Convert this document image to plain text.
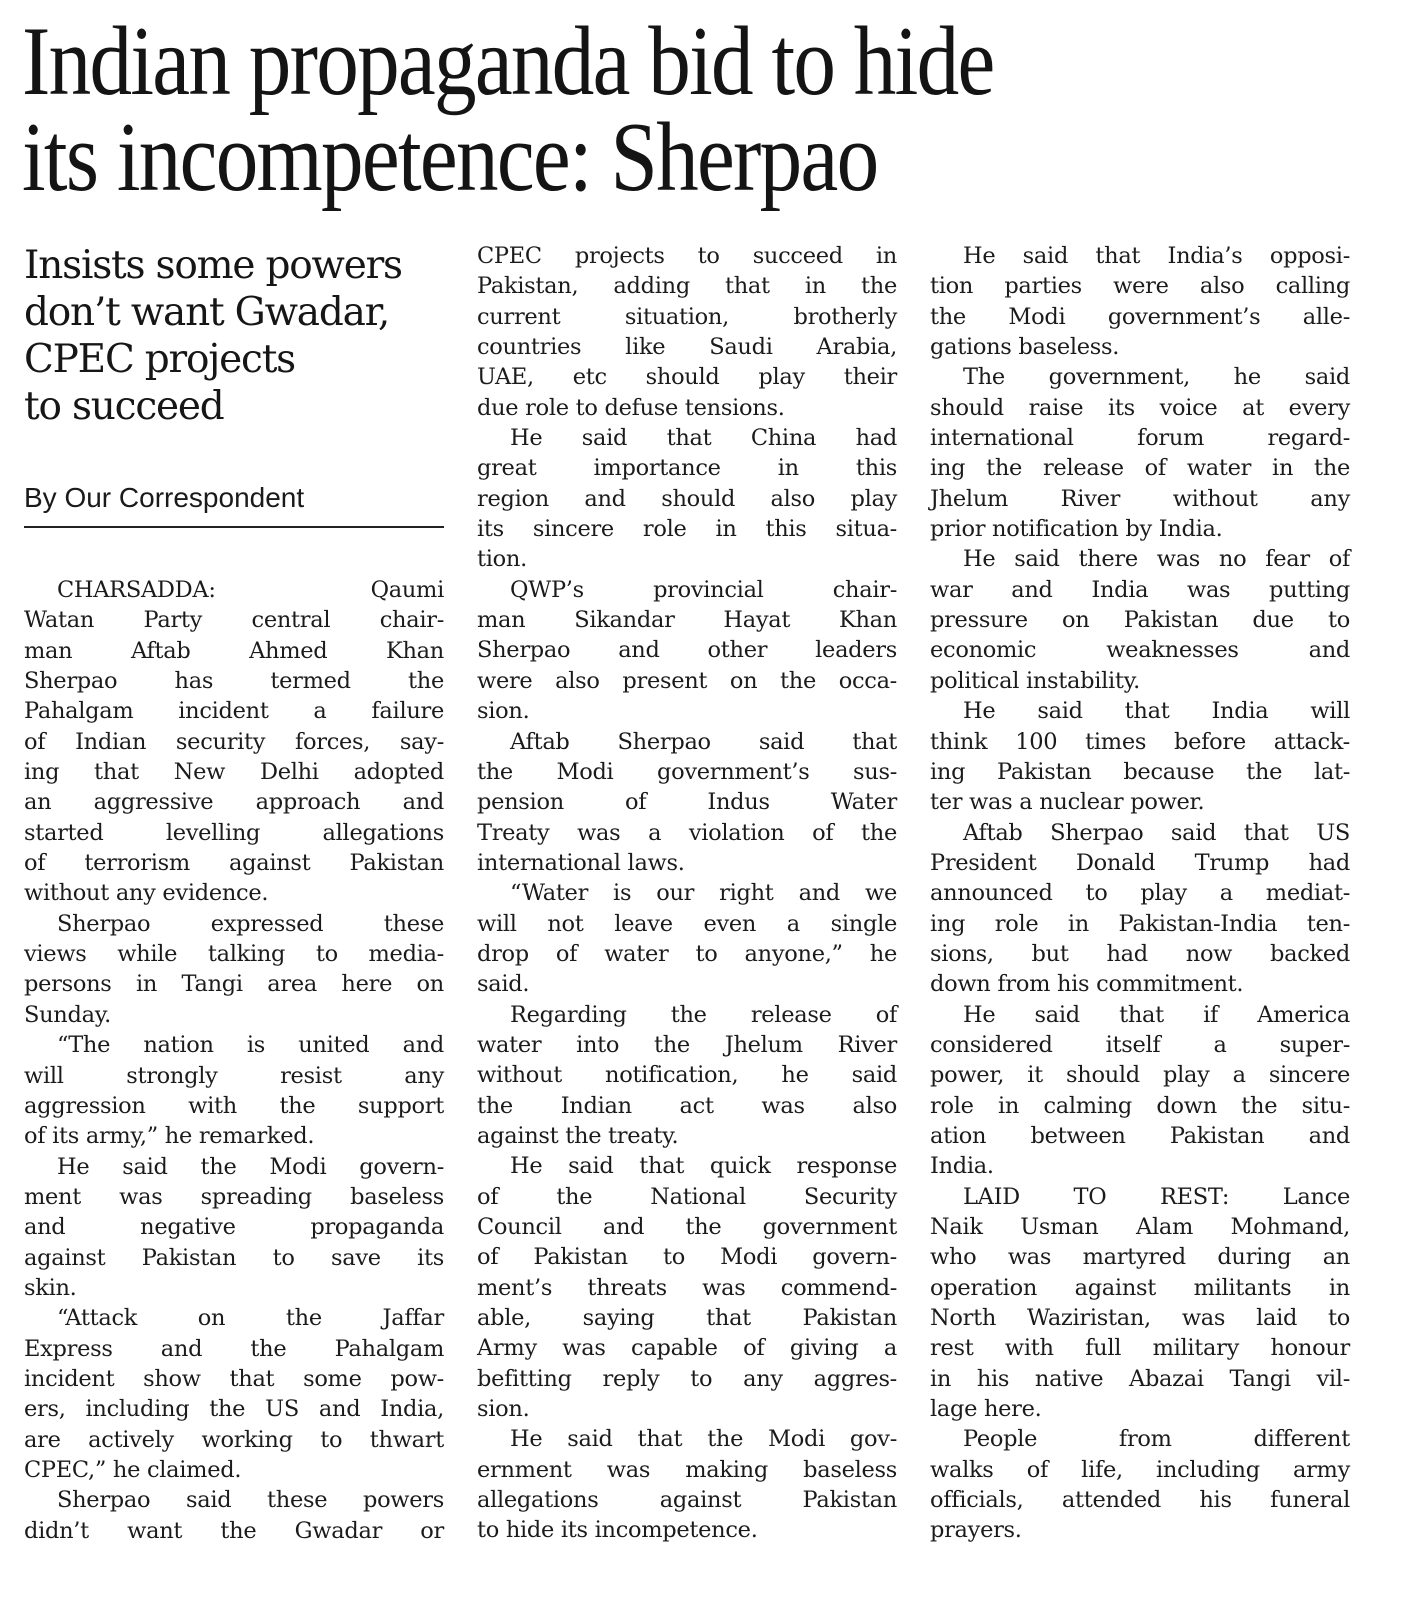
Indian propaganda bid to hide
its incompetence: Sherpao
Insists some powers
don’t want Gwadar,
CPEC projects
to succeed
By Our Correspondent
CHARSADDA: Qaumi
Watan Party central chair-
man Aftab Ahmed Khan
Sherpao has termed the
Pahalgam incident a failure
of Indian security forces, say-
ing that New Delhi adopted
an aggressive approach and
started levelling allegations
of terrorism against Pakistan
without any evidence.
Sherpao expressed these
views while talking to media-
persons in Tangi area here on
Sunday.
“The nation is united and
will strongly resist any
aggression with the support
of its army,” he remarked.
He said the Modi govern-
ment was spreading baseless
and negative propaganda
against Pakistan to save its
skin.
“Attack on the Jaffar
Express and the Pahalgam
incident show that some pow-
ers, including the US and India,
are actively working to thwart
CPEC,” he claimed.
Sherpao said these powers
didn’t want the Gwadar or
CPEC projects to succeed in
Pakistan, adding that in the
current situation, brotherly
countries like Saudi Arabia,
UAE, etc should play their
due role to defuse tensions.
He said that China had
great importance in this
region and should also play
its sincere role in this situa-
tion.
QWP’s provincial chair-
man Sikandar Hayat Khan
Sherpao and other leaders
were also present on the occa-
sion.
Aftab Sherpao said that
the Modi government’s sus-
pension of Indus Water
Treaty was a violation of the
international laws.
“Water is our right and we
will not leave even a single
drop of water to anyone,” he
said.
Regarding the release of
water into the Jhelum River
without notification, he said
the Indian act was also
against the treaty.
He said that quick response
of the National Security
Council and the government
of Pakistan to Modi govern-
ment’s threats was commend-
able, saying that Pakistan
Army was capable of giving a
befitting reply to any aggres-
sion.
He said that the Modi gov-
ernment was making baseless
allegations against Pakistan
to hide its incompetence.
He said that India’s opposi-
tion parties were also calling
the Modi government’s alle-
gations baseless.
The government, he said
should raise its voice at every
international forum regard-
ing the release of water in the
Jhelum River without any
prior notification by India.
He said there was no fear of
war and India was putting
pressure on Pakistan due to
economic weaknesses and
political instability.
He said that India will
think 100 times before attack-
ing Pakistan because the lat-
ter was a nuclear power.
Aftab Sherpao said that US
President Donald Trump had
announced to play a mediat-
ing role in Pakistan-India ten-
sions, but had now backed
down from his commitment.
He said that if America
considered itself a super-
power, it should play a sincere
role in calming down the situ-
ation between Pakistan and
India.
LAID TO REST: Lance
Naik Usman Alam Mohmand,
who was martyred during an
operation against militants in
North Waziristan, was laid to
rest with full military honour
in his native Abazai Tangi vil-
lage here.
People from different
walks of life, including army
officials, attended his funeral
prayers.
